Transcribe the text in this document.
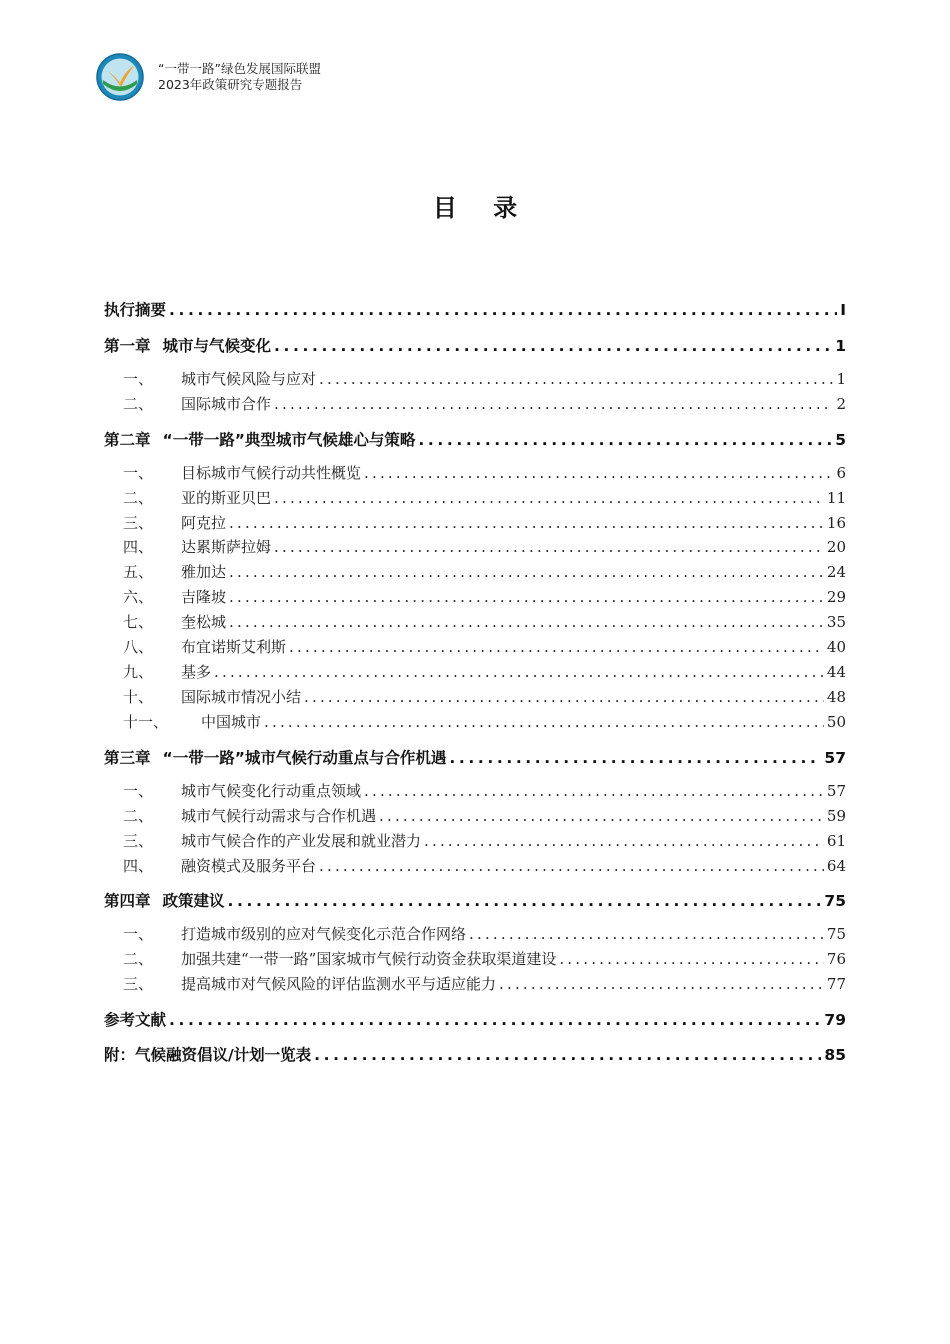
“一带一路”绿色发展国际联盟
2023年政策研究专题报告
目 录
执行摘要 .....	I
第一章 城市与气候变化 .....	1
一、	城市气候风险与应对 .....	1
二、	国际城市合作 .....	2
第二章 “一带一路”典型城市气候雄心与策略 .....	5
一、	目标城市气候行动共性概览 .....	6
二、	亚的斯亚贝巴 .....	11
三、	阿克拉 .....	16
四、	达累斯萨拉姆 .....	20
五、	雅加达 .....	24
六、	吉隆坡 .....	29
七、	奎松城 .....	35
八、	布宜诺斯艾利斯 .....	40
九、	基多 .....	44
十、	国际城市情况小结 .....	48
十一、	中国城市 .....	50
第三章 “一带一路”城市气候行动重点与合作机遇 .....	57
一、	城市气候变化行动重点领域 .....	57
二、	城市气候行动需求与合作机遇 .....	59
三、	城市气候合作的产业发展和就业潜力 .....	61
四、	融资模式及服务平台 .....	64
第四章 政策建议 .....	75
一、	打造城市级别的应对气候变化示范合作网络 .....	75
二、	加强共建“一带一路”国家城市气候行动资金获取渠道建设 .....	76
三、	提高城市对气候风险的评估监测水平与适应能力 .....	77
参考文献 .....	79
附：气候融资倡议/计划一览表 .....	85
